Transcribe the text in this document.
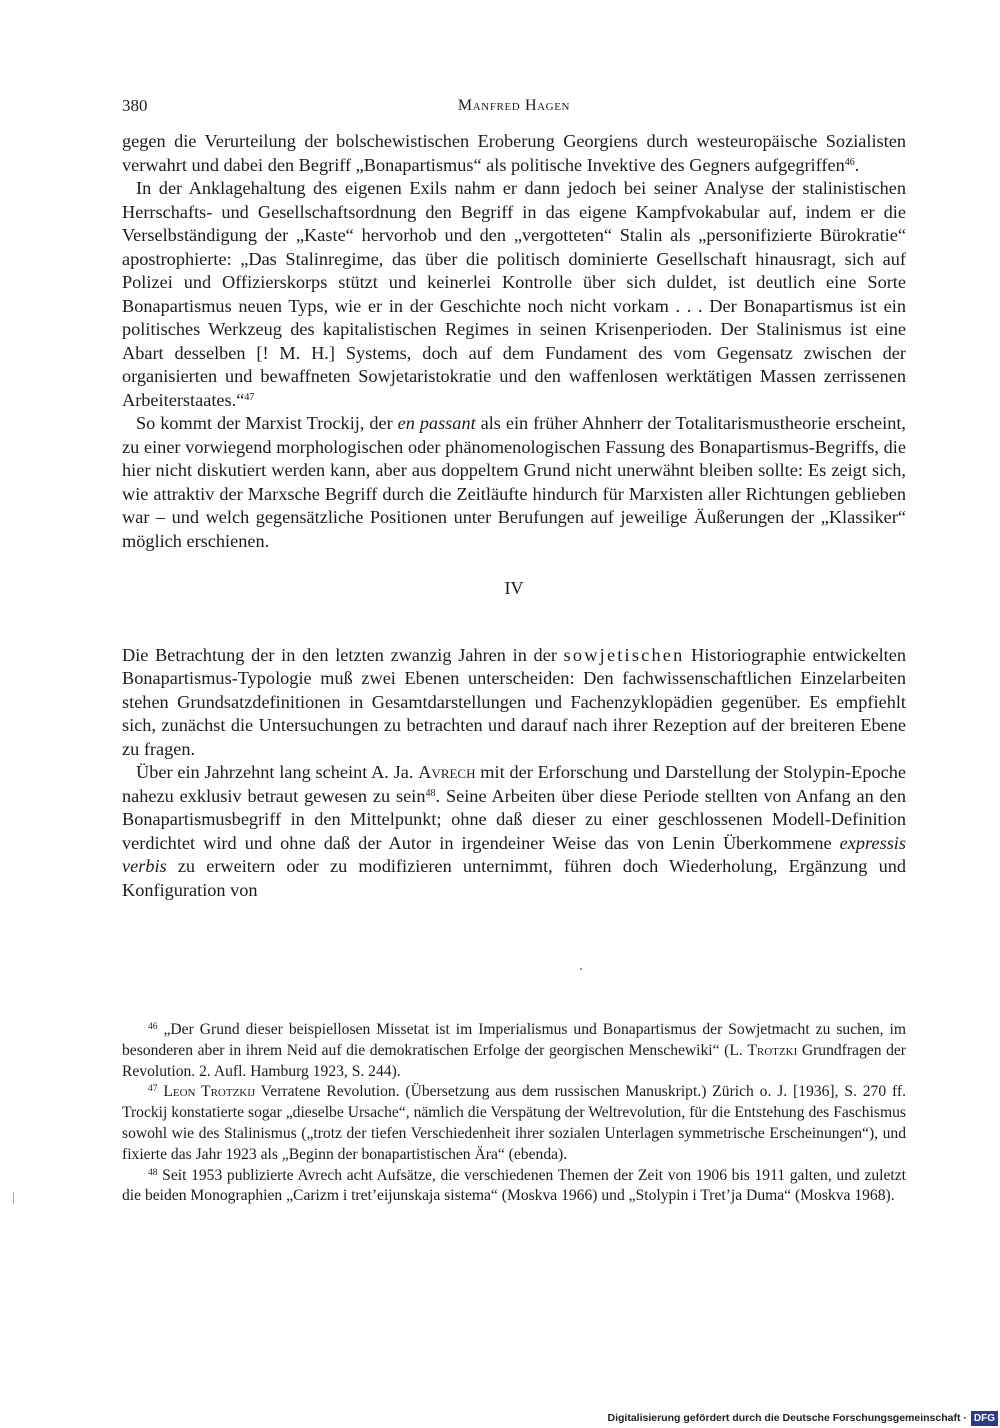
380	Manfred Hagen

gegen die Verurteilung der bolschewistischen Eroberung Georgiens durch westeuropäische Sozialisten verwahrt und dabei den Begriff „Bonapartismus“ als politische Invektive des Gegners aufgegriffen$^{46}$.

In der Anklagehaltung des eigenen Exils nahm er dann jedoch bei seiner Analyse der stalinistischen Herrschafts- und Gesellschaftsordnung den Begriff in das eigene Kampfvokabular auf, indem er die Verselbständigung der „Kaste“ hervorhob und den „vergotteten“ Stalin als „personifizierte Bürokratie“ apostrophierte: „Das Stalinregime, das über die politisch dominierte Gesellschaft hinausragt, sich auf Polizei und Offizierskorps stützt und keinerlei Kontrolle über sich duldet, ist deutlich eine Sorte Bonapartismus neuen Typs, wie er in der Geschichte noch nicht vorkam . . . Der Bonapartismus ist ein politisches Werkzeug des kapitalistischen Regimes in seinen Krisenperioden. Der Stalinismus ist eine Abart desselben [! M. H.] Systems, doch auf dem Fundament des vom Gegensatz zwischen der organisierten und bewaffneten Sowjetaristokratie und den waffenlosen werktätigen Massen zerrissenen Arbeiterstaates.“$^{47}$

So kommt der Marxist Trockij, der en passant als ein früher Ahnherr der Totalitarismustheorie erscheint, zu einer vorwiegend morphologischen oder phänomenologischen Fassung des Bonapartismus-Begriffs, die hier nicht diskutiert werden kann, aber aus doppeltem Grund nicht unerwähnt bleiben sollte: Es zeigt sich, wie attraktiv der Marxsche Begriff durch die Zeitläufte hindurch für Marxisten aller Richtungen geblieben war – und welch gegensätzliche Positionen unter Berufungen auf jeweilige Äußerungen der „Klassiker“ möglich erschienen.

IV

Die Betrachtung der in den letzten zwanzig Jahren in der sowjetischen Historiographie entwickelten Bonapartismus-Typologie muß zwei Ebenen unterscheiden: Den fachwissenschaftlichen Einzelarbeiten stehen Grundsatzdefinitionen in Gesamtdarstellungen und Fachenzyklopädien gegenüber. Es empfiehlt sich, zunächst die Untersuchungen zu betrachten und darauf nach ihrer Rezeption auf der breiteren Ebene zu fragen.

Über ein Jahrzehnt lang scheint A. Ja. Avrech mit der Erforschung und Darstellung der Stolypin-Epoche nahezu exklusiv betraut gewesen zu sein$^{48}$. Seine Arbeiten über diese Periode stellten von Anfang an den Bonapartismusbegriff in den Mittelpunkt; ohne daß dieser zu einer geschlossenen Modell-Definition verdichtet wird und ohne daß der Autor in irgendeiner Weise das von Lenin Überkommene expressis verbis zu erweitern oder zu modifizieren unternimmt, führen doch Wiederholung, Ergänzung und Konfiguration von

$^{46}$ „Der Grund dieser beispiellosen Missetat ist im Imperialismus und Bonapartismus der Sowjetmacht zu suchen, im besonderen aber in ihrem Neid auf die demokratischen Erfolge der georgischen Menschewiki“ (L. Trotzki Grundfragen der Revolution. 2. Aufl. Hamburg 1923, S. 244).

$^{47}$ Leon Trotzkij Verratene Revolution. (Übersetzung aus dem russischen Manuskript.) Zürich o. J. [1936], S. 270 ff. Trockij konstatierte sogar „dieselbe Ursache“, nämlich die Verspätung der Weltrevolution, für die Entstehung des Faschismus sowohl wie des Stalinismus („trotz der tiefen Verschiedenheit ihrer sozialen Unterlagen symmetrische Erscheinungen“), und fixierte das Jahr 1923 als „Beginn der bonapartistischen Ära“ (ebenda).

$^{48}$ Seit 1953 publizierte Avrech acht Aufsätze, die verschiedenen Themen der Zeit von 1906 bis 1911 galten, und zuletzt die beiden Monographien „Carizm i tret’eijunskaja sistema“ (Moskva 1966) und „Stolypin i Tret’ja Duma“ (Moskva 1968).

Digitalisierung gefördert durch die Deutsche Forschungsgemeinschaft · DFG
